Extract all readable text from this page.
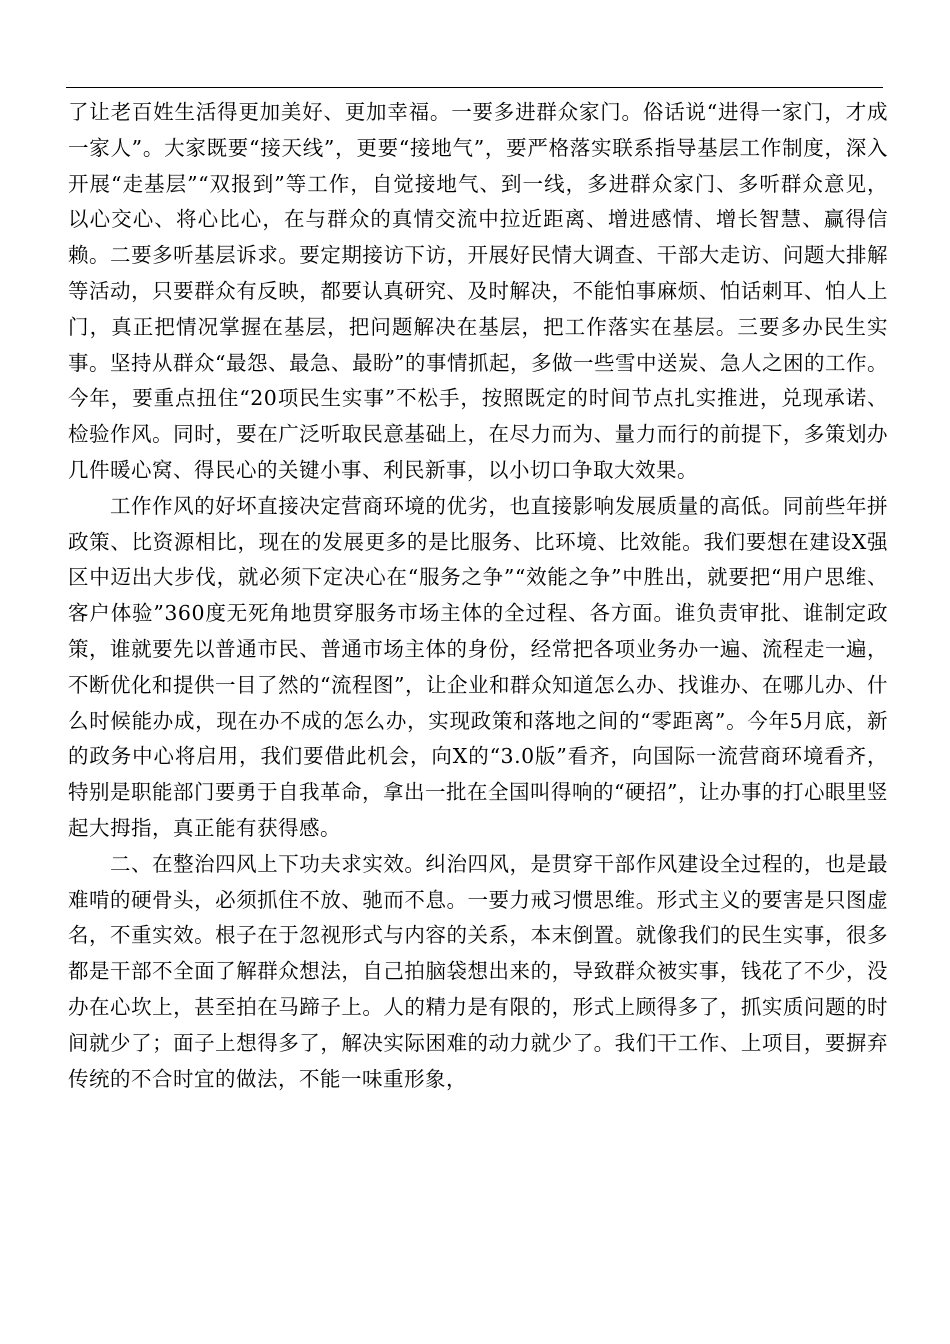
了让老百姓生活得更加美好、更加幸福。一要多进群众家门。俗话说“进得一家门，才成一家人”。大家既要“接天线”，更要“接地气”，要严格落实联系指导基层工作制度，深入开展“走基层”“双报到”等工作，自觉接地气、到一线，多进群众家门、多听群众意见，以心交心、将心比心，在与群众的真情交流中拉近距离、增进感情、增长智慧、赢得信赖。二要多听基层诉求。要定期接访下访，开展好民情大调查、干部大走访、问题大排解等活动，只要群众有反映，都要认真研究、及时解决，不能怕事麻烦、怕话刺耳、怕人上门，真正把情况掌握在基层，把问题解决在基层，把工作落实在基层。三要多办民生实事。坚持从群众“最怨、最急、最盼”的事情抓起，多做一些雪中送炭、急人之困的工作。今年，要重点扭住“20项民生实事”不松手，按照既定的时间节点扎实推进，兑现承诺、检验作风。同时，要在广泛听取民意基础上，在尽力而为、量力而行的前提下，多策划办几件暖心窝、得民心的关键小事、利民新事，以小切口争取大效果。

工作作风的好坏直接决定营商环境的优劣，也直接影响发展质量的高低。同前些年拼政策、比资源相比，现在的发展更多的是比服务、比环境、比效能。我们要想在建设X强区中迈出大步伐，就必须下定决心在“服务之争”“效能之争”中胜出，就要把“用户思维、客户体验”360度无死角地贯穿服务市场主体的全过程、各方面。谁负责审批、谁制定政策，谁就要先以普通市民、普通市场主体的身份，经常把各项业务办一遍、流程走一遍，不断优化和提供一目了然的“流程图”，让企业和群众知道怎么办、找谁办、在哪儿办、什么时候能办成，现在办不成的怎么办，实现政策和落地之间的“零距离”。今年5月底，新的政务中心将启用，我们要借此机会，向X的“3.0版”看齐，向国际一流营商环境看齐，特别是职能部门要勇于自我革命，拿出一批在全国叫得响的“硬招”，让办事的打心眼里竖起大拇指，真正能有获得感。

二、在整治四风上下功夫求实效。纠治四风，是贯穿干部作风建设全过程的，也是最难啃的硬骨头，必须抓住不放、驰而不息。一要力戒习惯思维。形式主义的要害是只图虚名，不重实效。根子在于忽视形式与内容的关系，本末倒置。就像我们的民生实事，很多都是干部不全面了解群众想法，自己拍脑袋想出来的，导致群众被实事，钱花了不少，没办在心坎上，甚至拍在马蹄子上。人的精力是有限的，形式上顾得多了，抓实质问题的时间就少了；面子上想得多了，解决实际困难的动力就少了。我们干工作、上项目，要摒弃传统的不合时宜的做法，不能一味重形象，
